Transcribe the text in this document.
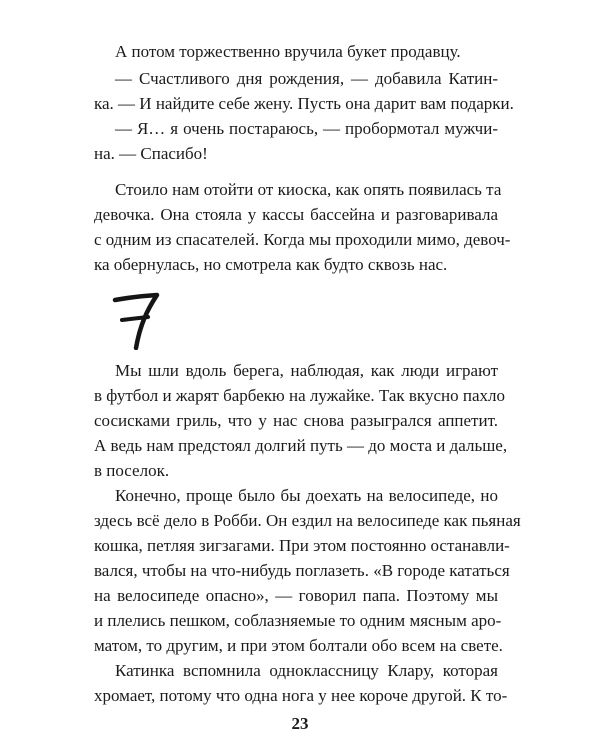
А потом торжественно вручила букет продавцу.
— Счастливого дня рождения, — добавила Катин-
ка. — И найдите себе жену. Пусть она дарит вам подарки.
— Я… я очень постараюсь, — пробормотал мужчи-
на. — Спасибо!
Стоило нам отойти от киоска, как опять появилась та
девочка. Она стояла у кассы бассейна и разговаривала
с одним из спасателей. Когда мы проходили мимо, девоч-
ка обернулась, но смотрела как будто сквозь нас.
Мы шли вдоль берега, наблюдая, как люди играют
в футбол и жарят барбекю на лужайке. Так вкусно пахло
сосисками гриль, что у нас снова разыгрался аппетит.
А ведь нам предстоял долгий путь — до моста и дальше,
в поселок.
Конечно, проще было бы доехать на велосипеде, но
здесь всё дело в Робби. Он ездил на велосипеде как пьяная
кошка, петляя зигзагами. При этом постоянно останавли-
вался, чтобы на что-нибудь поглазеть. «В городе кататься
на велосипеде опасно», — говорил папа. Поэтому мы
и плелись пешком, соблазняемые то одним мясным аро-
матом, то другим, и при этом болтали обо всем на свете.
Катинка вспомнила одноклассницу Клару, которая
хромает, потому что одна нога у нее короче другой. К то-
23
